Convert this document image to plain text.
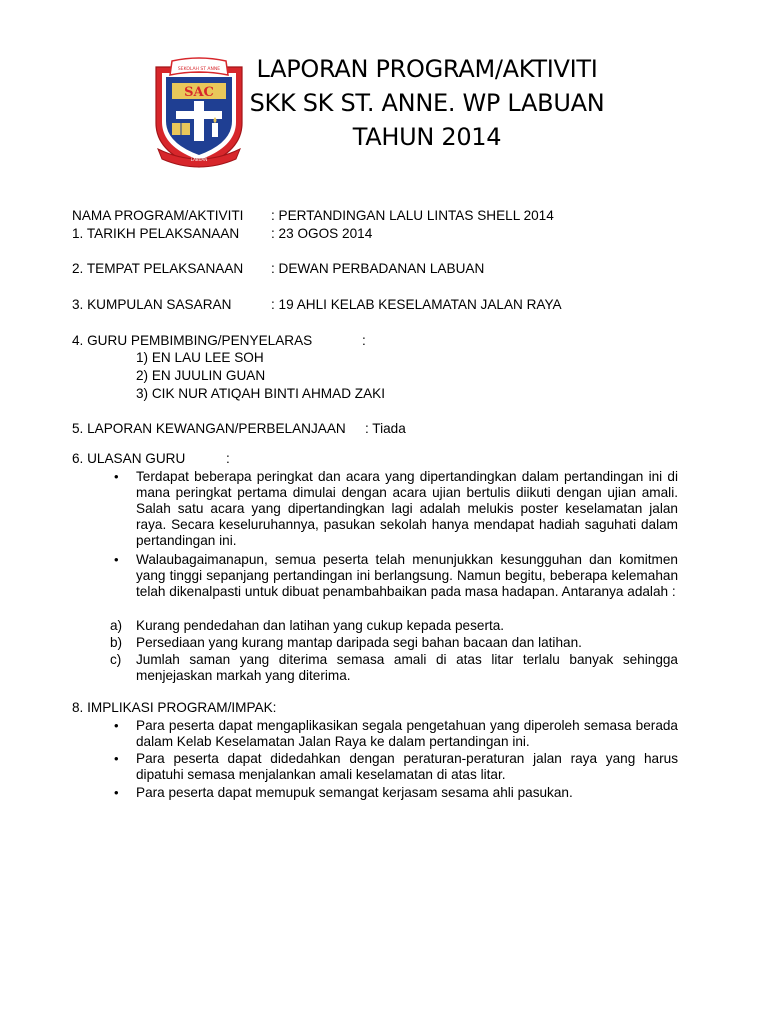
SEKOLAH ST ANNE
SAC
LABUAN
LAPORAN PROGRAM/AKTIVITI
SKK SK ST. ANNE. WP LABUAN
TAHUN 2014
NAMA PROGRAM/AKTIVITI : PERTANDINGAN LALU LINTAS SHELL 2014
1. TARIKH PELAKSANAAN : 23 OGOS 2014
2. TEMPAT PELAKSANAAN : DEWAN PERBADANAN LABUAN
3. KUMPULAN SASARAN	: 19 AHLI KELAB KESELAMATAN JALAN RAYA
4. GURU PEMBIMBING/PENYELARAS	:
1) EN LAU LEE SOH
2) EN JUULIN GUAN
3) CIK NUR ATIQAH BINTI AHMAD ZAKI
5. LAPORAN KEWANGAN/PERBELANJAAN : Tiada
6. ULASAN GURU	:
• Terdapat beberapa peringkat dan acara yang dipertandingkan dalam pertandingan ini di mana peringkat pertama dimulai dengan acara ujian bertulis diikuti dengan ujian amali. Salah satu acara yang dipertandingkan lagi adalah melukis poster keselamatan jalan raya. Secara keseluruhannya, pasukan sekolah hanya mendapat hadiah saguhati dalam pertandingan ini.
• Walaubagaimanapun, semua peserta telah menunjukkan kesungguhan dan komitmen yang tinggi sepanjang pertandingan ini berlangsung. Namun begitu, beberapa kelemahan telah dikenalpasti untuk dibuat penambahbaikan pada masa hadapan. Antaranya adalah :
a) Kurang pendedahan dan latihan yang cukup kepada peserta.
b) Persediaan yang kurang mantap daripada segi bahan bacaan dan latihan.
c) Jumlah saman yang diterima semasa amali di atas litar terlalu banyak sehingga menjejaskan markah yang diterima.
8. IMPLIKASI PROGRAM/IMPAK:
• Para peserta dapat mengaplikasikan segala pengetahuan yang diperoleh semasa berada dalam Kelab Keselamatan Jalan Raya ke dalam pertandingan ini.
• Para peserta dapat didedahkan dengan peraturan-peraturan jalan raya yang harus dipatuhi semasa menjalankan amali keselamatan di atas litar.
• Para peserta dapat memupuk semangat kerjasam sesama ahli pasukan.
